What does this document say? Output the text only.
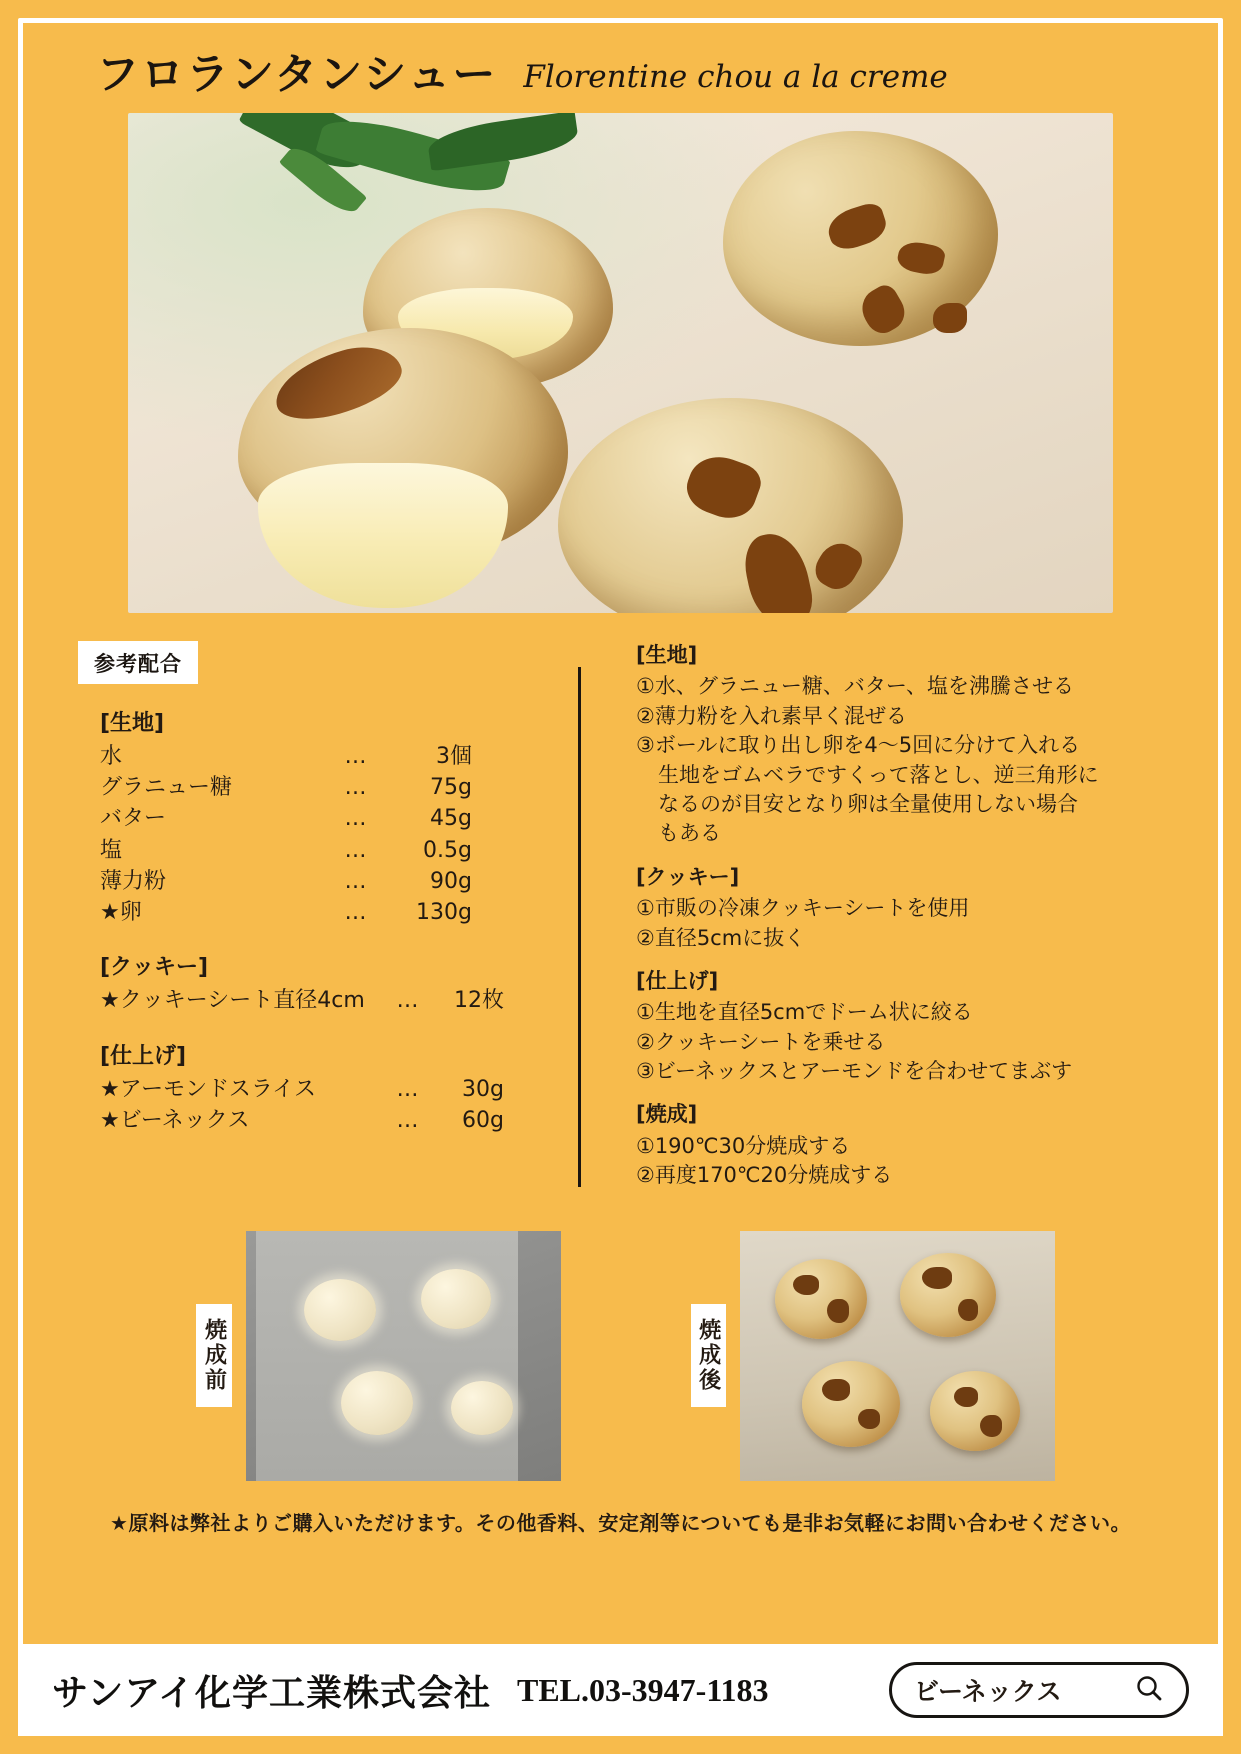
フロランタンシュー Florentine chou a la creme
参考配合
[生地]
水	…	3個
グラニュー糖	…	75g
バター	…	45g
塩	…	0.5g
薄力粉	…	90g
★卵	…	130g
[クッキー]
★クッキーシート直径4cm	…	12枚
[仕上げ]
★アーモンドスライス	…	30g
★ビーネックス	…	60g
[生地]

①水、グラニュー糖、バター、塩を沸騰させる

②薄力粉を入れ素早く混ぜる

③ボールに取り出し卵を4〜5回に分けて入れる

生地をゴムベラですくって落とし、逆三角形に

なるのが目安となり卵は全量使用しない場合

もある

[クッキー]

①市販の冷凍クッキーシートを使用

②直径5cmに抜く

[仕上げ]

①生地を直径5cmでドーム状に絞る

②クッキーシートを乗せる

③ビーネックスとアーモンドを合わせてまぶす

[焼成]

①190℃30分焼成する

②再度170℃20分焼成する

焼成前	焼成後
★原料は弊社よりご購入いただけます。その他香料、安定剤等についても是非お気軽にお問い合わせください。
サンアイ化学工業株式会社 TEL.03-3947-1183	ビーネックス
